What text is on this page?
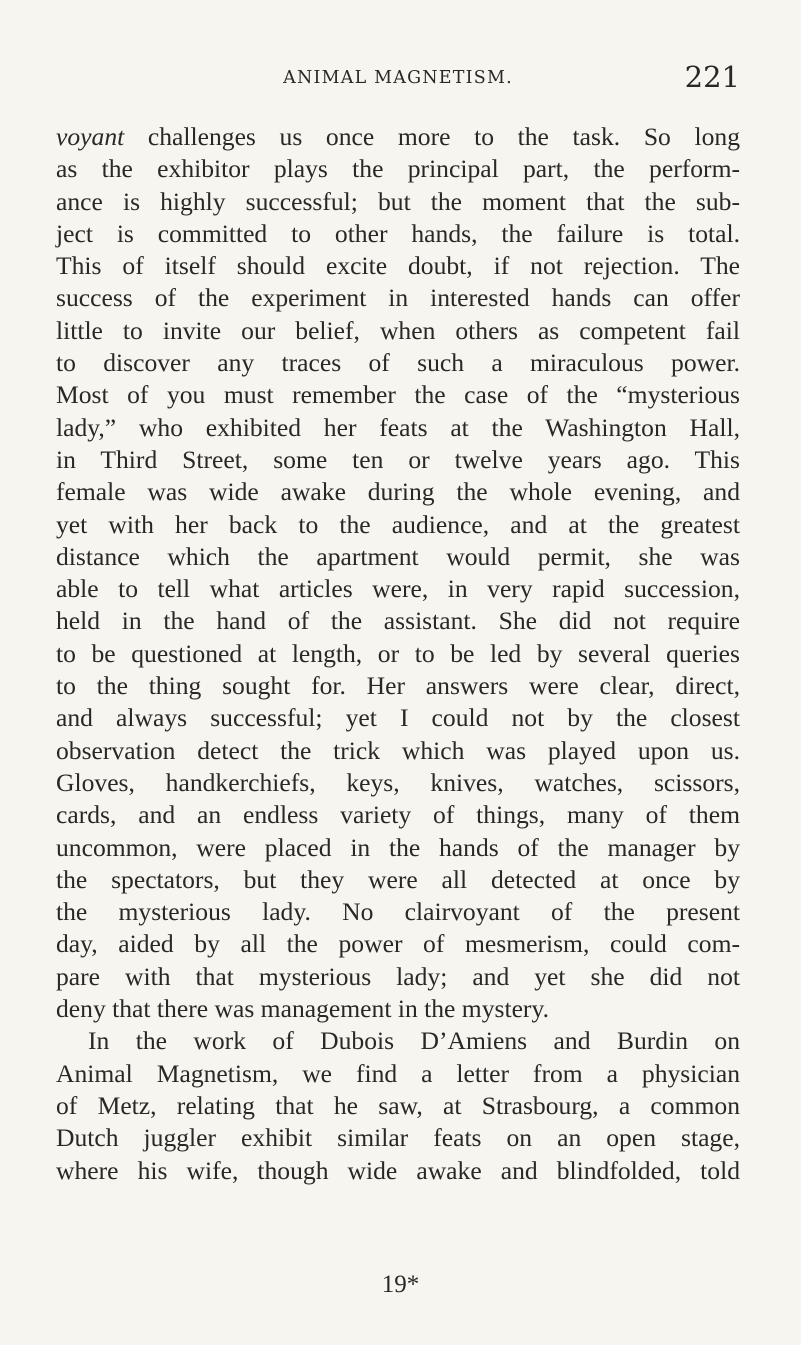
ANIMAL MAGNETISM.	221
voyant challenges us once more to the task. So long
as the exhibitor plays the principal part, the perform-
ance is highly successful; but the moment that the sub-
ject is committed to other hands, the failure is total.
This of itself should excite doubt, if not rejection. The
success of the experiment in interested hands can offer
little to invite our belief, when others as competent fail
to discover any traces of such a miraculous power.
Most of you must remember the case of the “mysterious
lady,” who exhibited her feats at the Washington Hall,
in Third Street, some ten or twelve years ago. This
female was wide awake during the whole evening, and
yet with her back to the audience, and at the greatest
distance which the apartment would permit, she was
able to tell what articles were, in very rapid succession,
held in the hand of the assistant. She did not require
to be questioned at length, or to be led by several queries
to the thing sought for. Her answers were clear, direct,
and always successful; yet I could not by the closest
observation detect the trick which was played upon us.
Gloves, handkerchiefs, keys, knives, watches, scissors,
cards, and an endless variety of things, many of them
uncommon, were placed in the hands of the manager by
the spectators, but they were all detected at once by
the mysterious lady. No clairvoyant of the present
day, aided by all the power of mesmerism, could com-
pare with that mysterious lady; and yet she did not
deny that there was management in the mystery.
In the work of Dubois D’Amiens and Burdin on
Animal Magnetism, we find a letter from a physician
of Metz, relating that he saw, at Strasbourg, a common
Dutch juggler exhibit similar feats on an open stage,
where his wife, though wide awake and blindfolded, told
19*
